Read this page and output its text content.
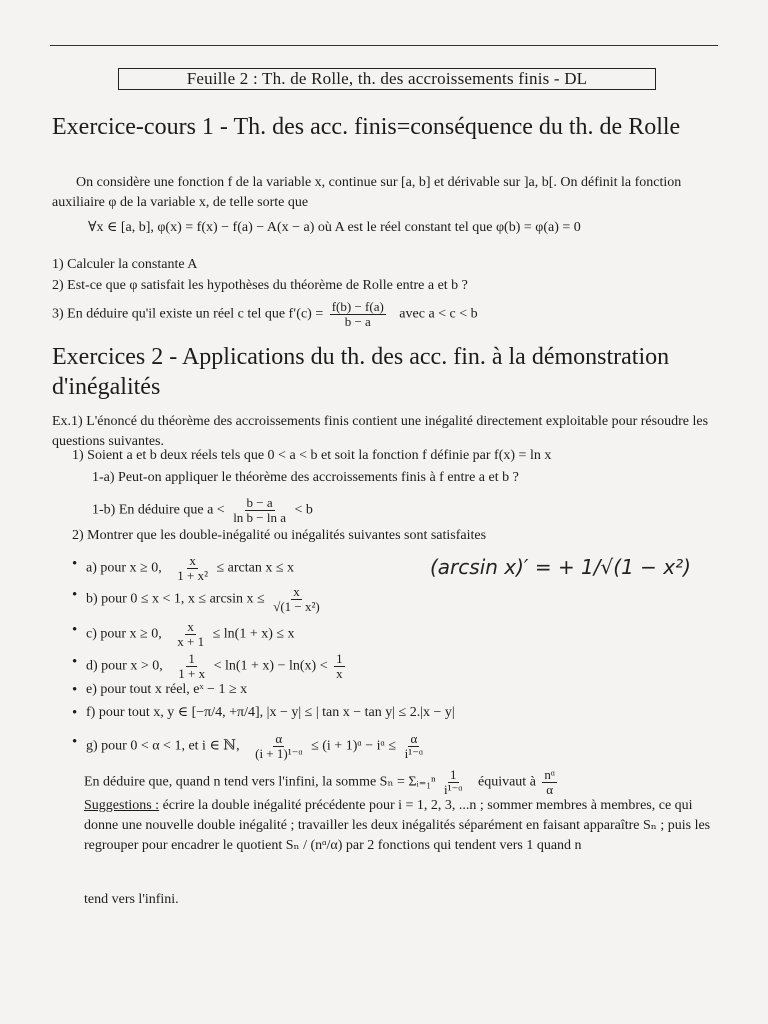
Feuille 2 : Th. de Rolle, th. des accroissements finis - DL
Exercice-cours 1 - Th. des acc. finis=conséquence du th. de Rolle
On considère une fonction f de la variable x, continue sur [a, b] et dérivable sur ]a, b[. On définit la fonction auxiliaire φ de la variable x, de telle sorte que
∀x ∈ [a, b], φ(x) = f(x) − f(a) − A(x − a) où A est le réel constant tel que φ(b) = φ(a) = 0
1) Calculer la constante A
2) Est-ce que φ satisfait les hypothèses du théorème de Rolle entre a et b ?
3) En déduire qu'il existe un réel c tel que $f'(c) = \frac{f(b) - f(a)}{b - a}$ avec a < c < b
Exercices 2 - Applications du th. des acc. fin. à la démonstration d'inégalités
Ex.1) L'énoncé du théorème des accroissements finis contient une inégalité directement exploitable pour résoudre les questions suivantes.
1) Soient a et b deux réels tels que 0 < a < b et soit la fonction f définie par f(x) = ln x
1-a) Peut-on appliquer le théorème des accroissements finis à f entre a et b ?
1-b) En déduire que $a < \frac{b - a}{\text{ln b − ln a}} < b$
2) Montrer que les double-inégalité ou inégalités suivantes sont satisfaites
• a) pour x ≥ 0, $\frac{x}{\text{1 + x²}} \le \arctan x \le x$
• b) pour 0 ≤ x < 1, $x \le \arcsin x \le \frac{x}{\text{√(1 − x²)}}$
(arcsin x)′ = + 1/√(1 − x²)
• c) pour x ≥ 0, $\frac{x}{x + 1} \le \ln(1 + x) \le x$
• d) pour x > 0, $\frac{1}{1 + x} < \ln(1 + x) - \ln(x) < \frac{1}{x}$
• e) pour tout x réel, eˣ − 1 ≥ x
• f) pour tout x, y ∈ [−π/4, +π/4], |x − y| ≤ | tan x − tan y| ≤ 2.|x − y|
• g) pour 0 < α < 1, et i ∈ ℕ, $\frac{\alpha}{\text{(i + 1)¹⁻ᵅ}} \le (i$ + 1)ᵅ − iᵅ ≤ $\frac{\alpha}{\text{i¹⁻ᵅ}}$
En déduire que, quand n tend vers l'infini, la somme Sₙ = Σᵢ₌₁ⁿ $\frac{1}{\text{i¹⁻ᵅ}}$ équivaut à $\frac{\text{nᵅ}}{\alpha}$
Suggestions : écrire la double inégalité précédente pour i = 1, 2, 3, ...n ; sommer membres à membres, ce qui donne une nouvelle double inégalité ; travailler les deux inégalités séparément en faisant apparaître Sₙ ; puis les regrouper pour encadrer le quotient Sₙ / (nᵅ/α) par 2 fonctions qui tendent vers 1 quand n
tend vers l'infini.
